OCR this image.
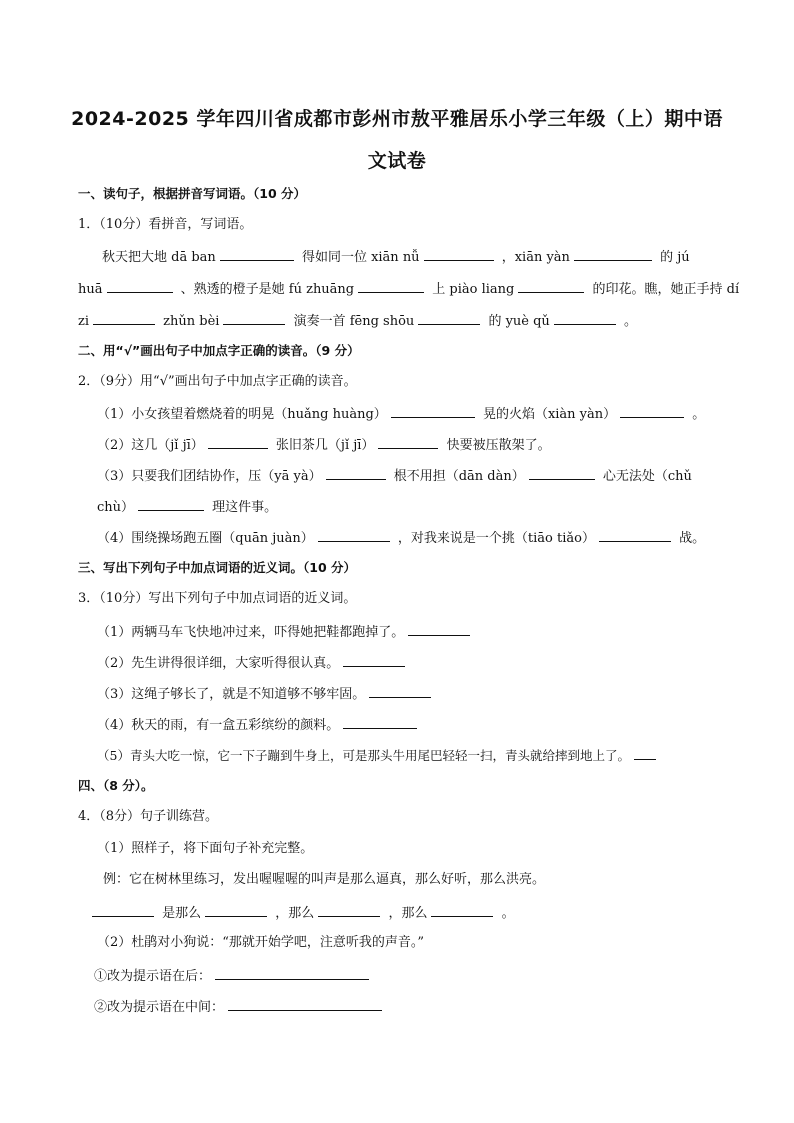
2024-2025 学年四川省成都市彭州市敖平雅居乐小学三年级（上）期中语
文试卷
一、读句子，根据拼音写词语。（10 分）
1．（10分）看拼音，写词语。
秋天把大地 dā ban	得如同一位 xiān nǚ	，xiān yàn	的 jú
huā	、熟透的橙子是她 fú zhuāng	上 piào liang	的印花。瞧，她正手持 dí
zi	zhǔn bèi	演奏一首 fēng shōu	的 yuè qǔ	。
二、用“√”画出句子中加点字正确的读音。（9 分）
2．（9分）用“√”画出句子中加点字正确的读音。
（1）小女孩望着燃烧着的明晃（huǎng huàng）	晃的火焰（xiàn yàn）	。
（2）这几（jǐ jī）	张旧茶几（jǐ jī）	快要被压散架了。
（3）只要我们团结协作，压（yā yà）	根不用担（dān dàn）	心无法处（chǔ
chù）	理这件事。
（4）围绕操场跑五圈（quān juàn）	，对我来说是一个挑（tiāo tiǎo）	战。
三、写出下列句子中加点词语的近义词。（10 分）
3．（10分）写出下列句子中加点词语的近义词。
（1）两辆马车飞快地冲过来，吓得她把鞋都跑掉了。
（2）先生讲得很详细，大家听得很认真。
（3）这绳子够长了，就是不知道够不够牢固。
（4）秋天的雨，有一盒五彩缤纷的颜料。
（5）青头大吃一惊，它一下子蹦到牛身上，可是那头牛用尾巴轻轻一扫，青头就给摔到地上了。
四、（8 分）。
4．（8分）句子训练营。
（1）照样子，将下面句子补充完整。
例：它在树林里练习，发出喔喔喔的叫声是那么逼真，那么好听，那么洪亮。
是那么	，那么	，那么	。
（2）杜鹃对小狗说：“那就开始学吧，注意听我的声音。”
①改为提示语在后：
②改为提示语在中间：
